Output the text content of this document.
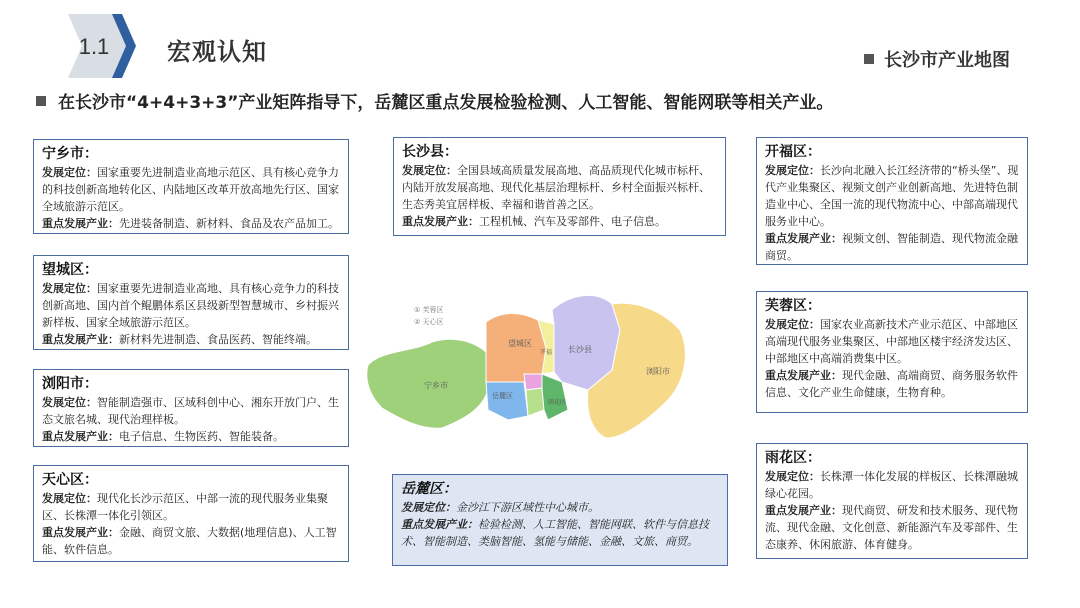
1.1 宏观认知	长沙市产业地图
在长沙市“4+4+3+3”产业矩阵指导下，岳麓区重点发展检验检测、人工智能、智能网联等相关产业。
宁乡市：

发展定位：国家重要先进制造业高地示范区、具有核心竞争力的科技创新高地转化区、内陆地区改革开放高地先行区、国家全域旅游示范区。

重点发展产业：先进装备制造、新材料、食品及农产品加工。

望城区：

发展定位：国家重要先进制造业高地、具有核心竞争力的科技创新高地、国内首个鲲鹏体系区县级新型智慧城市、乡村振兴新样板、国家全域旅游示范区。

重点发展产业：新材料先进制造、食品医药、智能终端。

浏阳市：

发展定位：智能制造强市、区域科创中心、湘东开放门户、生态文旅名城、现代治理样板。

重点发展产业：电子信息、生物医药、智能装备。

天心区：

发展定位：现代化长沙示范区、中部一流的现代服务业集聚区、长株潭一体化引领区。

重点发展产业：金融、商贸文旅、大数据(地理信息)、人工智能、软件信息。

长沙县：

发展定位：全国县域高质量发展高地、高品质现代化城市标杆、内陆开放发展高地、现代化基层治理标杆、乡村全面振兴标杆、生态秀美宜居样板、幸福和谐首善之区。

重点发展产业：工程机械、汽车及零部件、电子信息。

岳麓区：

发展定位：金沙江下游区域性中心城市。

重点发展产业：检验检测、人工智能、智能网联、软件与信息技术、智能制造、类脑智能、氢能与储能、金融、文旅、商贸。

开福区：

发展定位：长沙向北融入长江经济带的“桥头堡”、现代产业集聚区、视频文创产业创新高地、先进特色制造业中心、全国一流的现代物流中心、中部高端现代服务业中心。

重点发展产业：视频文创、智能制造、现代物流金融商贸。

芙蓉区：

发展定位：国家农业高新技术产业示范区、中部地区高端现代服务业集聚区、中部地区楼宇经济发达区、中部地区中高端消费集中区。

重点发展产业：现代金融、高端商贸、商务服务软件信息、文化产业生命健康，生物育种。

雨花区：

发展定位：长株潭一体化发展的样板区、长株潭融城绿心花园。

重点发展产业：现代商贸、研发和技术服务、现代物流、现代金融、文化创意、新能源汽车及零部件、生态康养、休闲旅游、体育健身。

① 芙蓉区
② 天心区
望城区
长沙县
宁乡市
浏阳市
开福
岳麓区
雨花区
